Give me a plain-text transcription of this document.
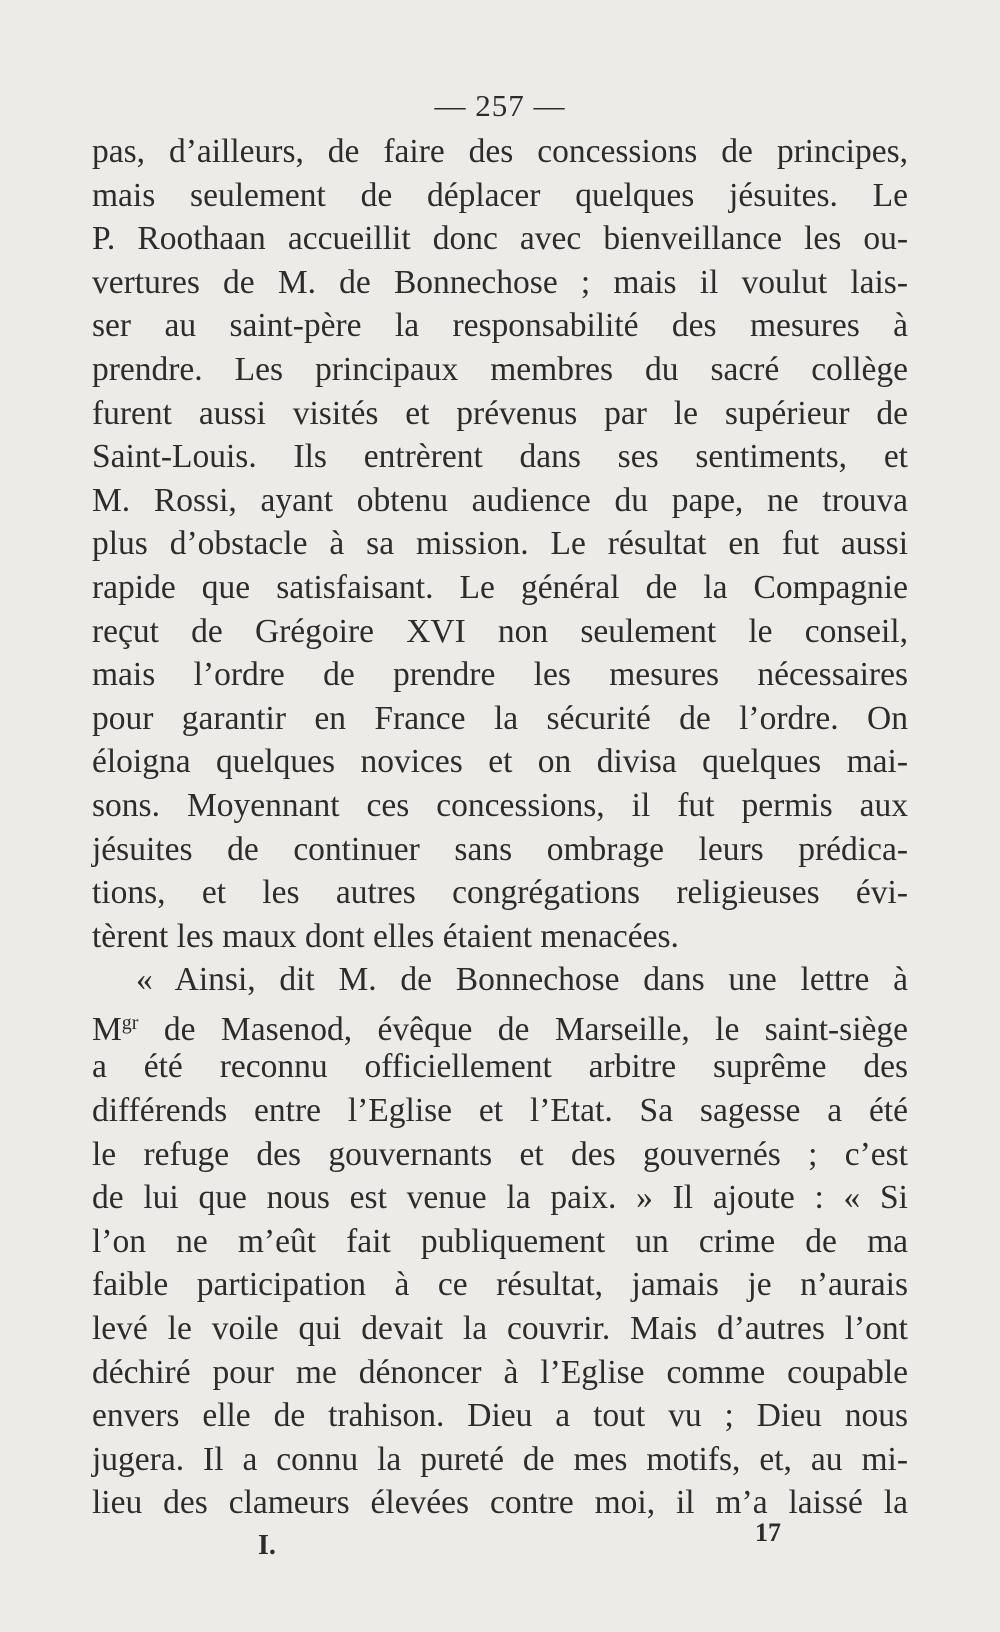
— 257 —
pas, d’ailleurs, de faire des concessions de principes,
mais seulement de déplacer quelques jésuites. Le
P. Roothaan accueillit donc avec bienveillance les ou-
vertures de M. de Bonnechose ; mais il voulut lais-
ser au saint-père la responsabilité des mesures à
prendre. Les principaux membres du sacré collège
furent aussi visités et prévenus par le supérieur de
Saint-Louis. Ils entrèrent dans ses sentiments, et
M. Rossi, ayant obtenu audience du pape, ne trouva
plus d’obstacle à sa mission. Le résultat en fut aussi
rapide que satisfaisant. Le général de la Compagnie
reçut de Grégoire XVI non seulement le conseil,
mais l’ordre de prendre les mesures nécessaires
pour garantir en France la sécurité de l’ordre. On
éloigna quelques novices et on divisa quelques mai-
sons. Moyennant ces concessions, il fut permis aux
jésuites de continuer sans ombrage leurs prédica-
tions, et les autres congrégations religieuses évi-
tèrent les maux dont elles étaient menacées.
« Ainsi, dit M. de Bonnechose dans une lettre à
$M^{gr}$ de Masenod, évêque de Marseille, le saint-siège
a été reconnu officiellement arbitre suprême des
différends entre l’Eglise et l’Etat. Sa sagesse a été
le refuge des gouvernants et des gouvernés ; c’est
de lui que nous est venue la paix. » Il ajoute : « Si
l’on ne m’eût fait publiquement un crime de ma
faible participation à ce résultat, jamais je n’aurais
levé le voile qui devait la couvrir. Mais d’autres l’ont
déchiré pour me dénoncer à l’Eglise comme coupable
envers elle de trahison. Dieu a tout vu ; Dieu nous
jugera. Il a connu la pureté de mes motifs, et, au mi-
lieu des clameurs élevées contre moi, il m’a laissé la
I.	17
